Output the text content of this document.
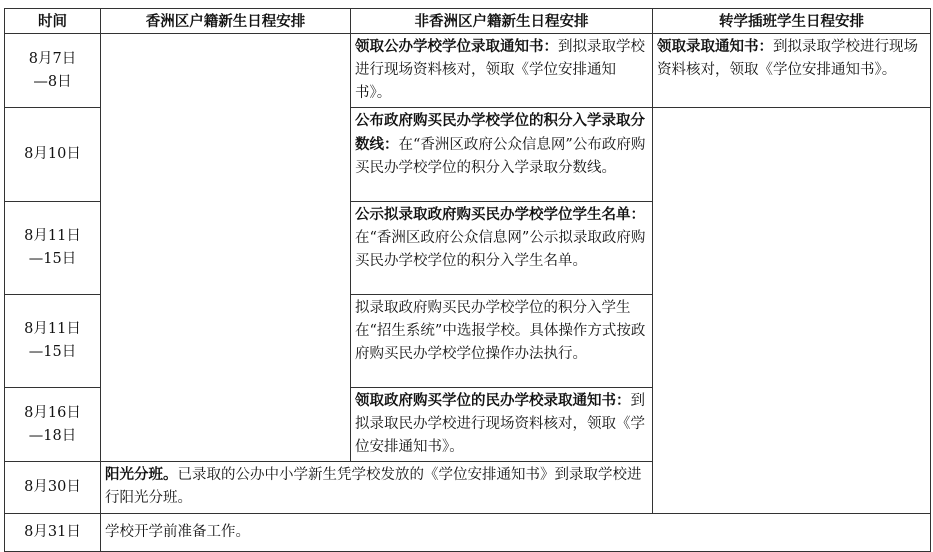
时间	香洲区户籍新生日程安排	非香洲区户籍新生日程安排	转学插班学生日程安排

8月7日
—8日		领取公办学校学位录取通知书：到拟录取学校进行现场资料核对，领取《学位安排通知书》。	领取录取通知书：到拟录取学校进行现场资料核对，领取《学位安排通知书》。

8月10日		公布政府购买民办学校学位的积分入学录取分数线：在“香洲区政府公众信息网”公布政府购买民办学校学位的积分入学录取分数线。	

8月11日
—15日		公示拟录取政府购买民办学校学位学生名单：在“香洲区政府公众信息网”公示拟录取政府购买民办学校学位的积分入学生名单。	

8月11日
—15日		拟录取政府购买民办学校学位的积分入学生在“招生系统”中选报学校。具体操作方式按政府购买民办学校学位操作办法执行。	

8月16日
—18日		领取政府购买学位的民办学校录取通知书：到拟录取民办学校进行现场资料核对，领取《学位安排通知书》。	

8月30日	阳光分班。已录取的公办中小学新生凭学校发放的《学位安排通知书》到录取学校进行阳光分班。		

8月31日	学校开学前准备工作。		
